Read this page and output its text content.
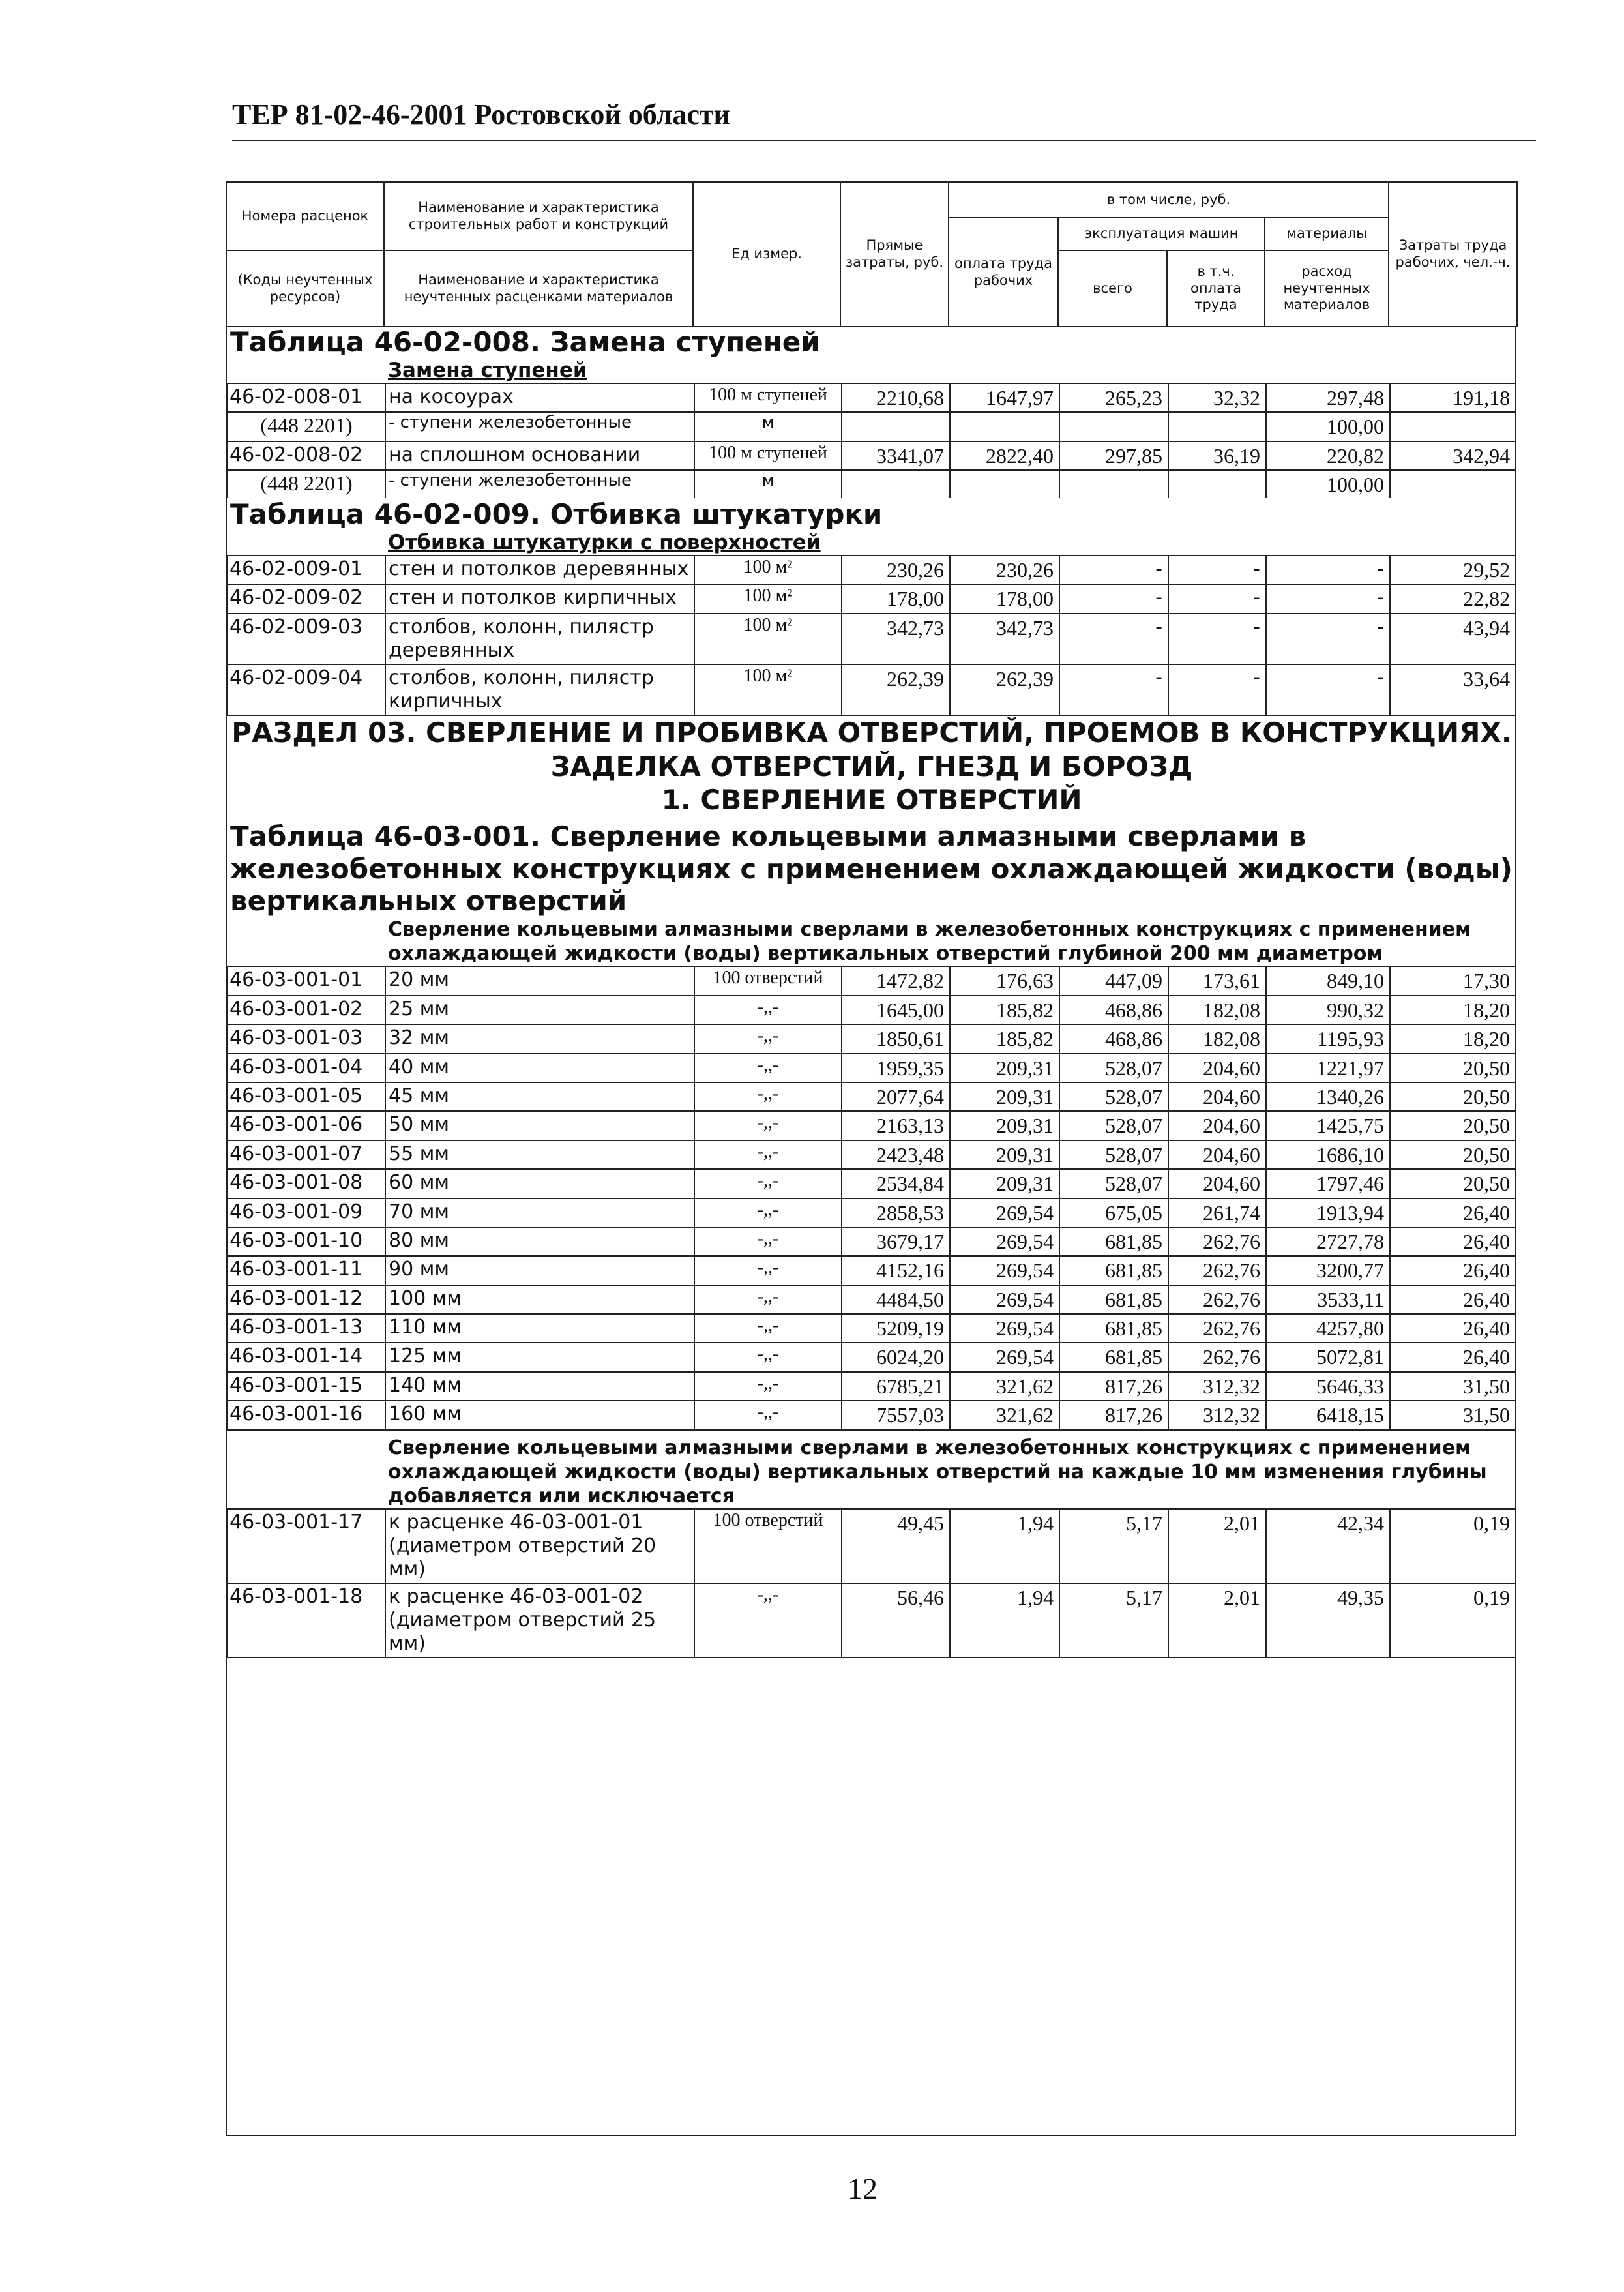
ТЕР 81-02-46-2001 Ростовской области
Номера расценок	Наименование и характеристика строительных работ и конструкций	Ед измер.	Прямые затраты, руб.	в том числе, руб.				Затраты труда рабочих, чел.-ч.
				оплата труда рабочих	эксплуатация машин		материалы	
(Коды неучтенных ресурсов)	Наименование и характеристика неучтенных расценками материалов				всего	в т.ч. оплата труда	расход неучтенных материалов	

Таблица 46-02-008. Замена ступеней								
	Замена ступеней							
46-02-008-01	на косоурах	100 м ступеней	2210,68	1647,97	265,23	32,32	297,48	191,18
(448 2201)	- ступени железобетонные	м					100,00	
46-02-008-02	на сплошном основании	100 м ступеней	3341,07	2822,40	297,85	36,19	220,82	342,94
(448 2201)	- ступени железобетонные	м					100,00	
Таблица 46-02-009. Отбивка штукатурки								
	Отбивка штукатурки с поверхностей							
46-02-009-01	стен и потолков деревянных	100 м²	230,26	230,26	-	-	-	29,52
46-02-009-02	стен и потолков кирпичных	100 м²	178,00	178,00	-	-	-	22,82
46-02-009-03	столбов, колонн, пилястр деревянных	100 м²	342,73	342,73	-	-	-	43,94
46-02-009-04	столбов, колонн, пилястр кирпичных	100 м²	262,39	262,39	-	-	-	33,64
РАЗДЕЛ 03. СВЕРЛЕНИЕ И ПРОБИВКА ОТВЕРСТИЙ, ПРОЕМОВ В КОНСТРУКЦИЯХ. ЗАДЕЛКА ОТВЕРСТИЙ, ГНЕЗД И БОРОЗД								
1. СВЕРЛЕНИЕ ОТВЕРСТИЙ								
Таблица 46-03-001. Сверление кольцевыми алмазными сверлами в железобетонных конструкциях с применением охлаждающей жидкости (воды) вертикальных отверстий								
	Сверление кольцевыми алмазными сверлами в железобетонных конструкциях с применением охлаждающей жидкости (воды) вертикальных отверстий глубиной 200 мм диаметром							
46-03-001-01	20 мм	100 отверстий	1472,82	176,63	447,09	173,61	849,10	17,30
46-03-001-02	25 мм	-,,-	1645,00	185,82	468,86	182,08	990,32	18,20
46-03-001-03	32 мм	-,,-	1850,61	185,82	468,86	182,08	1195,93	18,20
46-03-001-04	40 мм	-,,-	1959,35	209,31	528,07	204,60	1221,97	20,50
46-03-001-05	45 мм	-,,-	2077,64	209,31	528,07	204,60	1340,26	20,50
46-03-001-06	50 мм	-,,-	2163,13	209,31	528,07	204,60	1425,75	20,50
46-03-001-07	55 мм	-,,-	2423,48	209,31	528,07	204,60	1686,10	20,50
46-03-001-08	60 мм	-,,-	2534,84	209,31	528,07	204,60	1797,46	20,50
46-03-001-09	70 мм	-,,-	2858,53	269,54	675,05	261,74	1913,94	26,40
46-03-001-10	80 мм	-,,-	3679,17	269,54	681,85	262,76	2727,78	26,40
46-03-001-11	90 мм	-,,-	4152,16	269,54	681,85	262,76	3200,77	26,40
46-03-001-12	100 мм	-,,-	4484,50	269,54	681,85	262,76	3533,11	26,40
46-03-001-13	110 мм	-,,-	5209,19	269,54	681,85	262,76	4257,80	26,40
46-03-001-14	125 мм	-,,-	6024,20	269,54	681,85	262,76	5072,81	26,40
46-03-001-15	140 мм	-,,-	6785,21	321,62	817,26	312,32	5646,33	31,50
46-03-001-16	160 мм	-,,-	7557,03	321,62	817,26	312,32	6418,15	31,50
	Сверление кольцевыми алмазными сверлами в железобетонных конструкциях с применением охлаждающей жидкости (воды) вертикальных отверстий на каждые 10 мм изменения глубины добавляется или исключается							
46-03-001-17	к расценке 46-03-001-01 (диаметром отверстий 20 мм)	100 отверстий	49,45	1,94	5,17	2,01	42,34	0,19
46-03-001-18	к расценке 46-03-001-02 (диаметром отверстий 25 мм)	-,,-	56,46	1,94	5,17	2,01	49,35	0,19
12
